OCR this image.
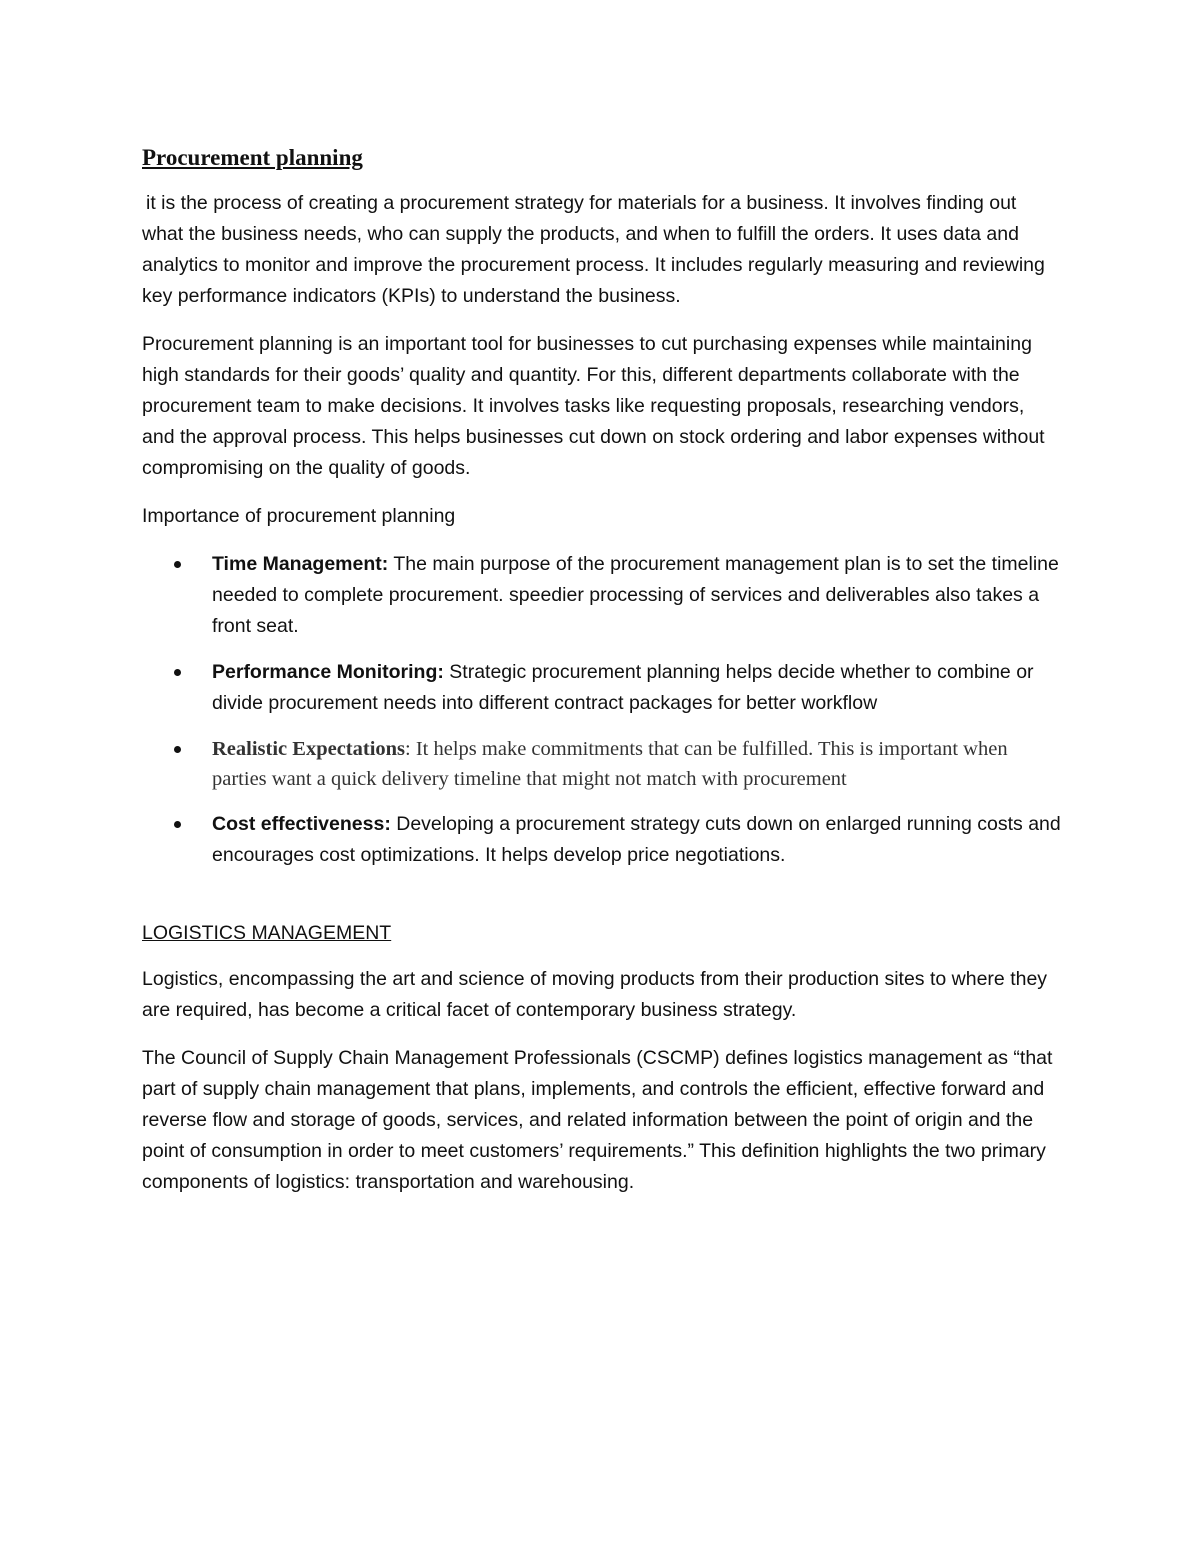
Procurement planning

it is the process of creating a procurement strategy for materials for a business. It involves finding out what the business needs, who can supply the products, and when to fulfill the orders. It uses data and analytics to monitor and improve the procurement process. It includes regularly measuring and reviewing key performance indicators (KPIs) to understand the business.

Procurement planning is an important tool for businesses to cut purchasing expenses while maintaining high standards for their goods’ quality and quantity. For this, different departments collaborate with the procurement team to make decisions. It involves tasks like requesting proposals, researching vendors, and the approval process. This helps businesses cut down on stock ordering and labor expenses without compromising on the quality of goods.

Importance of procurement planning

Time Management: The main purpose of the procurement management plan is to set the timeline needed to complete procurement. speedier processing of services and deliverables also takes a front seat.
Performance Monitoring: Strategic procurement planning helps decide whether to combine or divide procurement needs into different contract packages for better workflow
Realistic Expectations: It helps make commitments that can be fulfilled. This is important when parties want a quick delivery timeline that might not match with procurement
Cost effectiveness: Developing a procurement strategy cuts down on enlarged running costs and encourages cost optimizations. It helps develop price negotiations.
LOGISTICS MANAGEMENT

Logistics, encompassing the art and science of moving products from their production sites to where they are required, has become a critical facet of contemporary business strategy.

The Council of Supply Chain Management Professionals (CSCMP) defines logistics management as “that part of supply chain management that plans, implements, and controls the efficient, effective forward and reverse flow and storage of goods, services, and related information between the point of origin and the point of consumption in order to meet customers’ requirements.” This definition highlights the two primary components of logistics: transportation and warehousing.
